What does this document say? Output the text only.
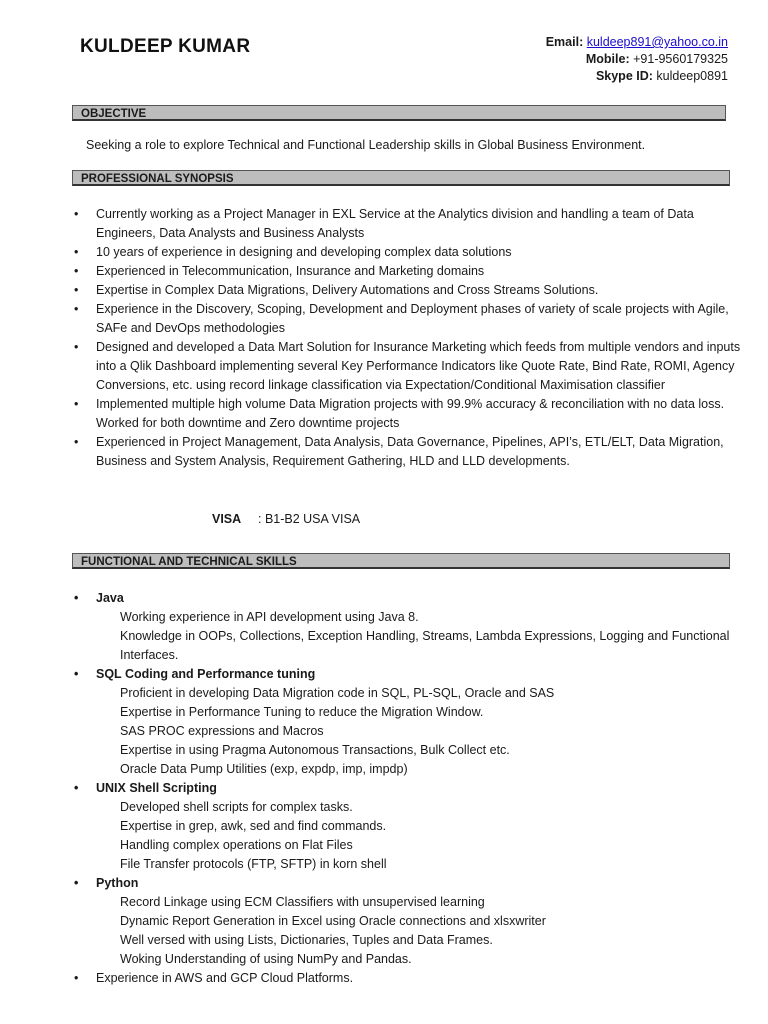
KULDEEP KUMAR	Email: kuldeep891@yahoo.co.in
Mobile: +91-9560179325
Skype ID: kuldeep0891
OBJECTIVE
Seeking a role to explore Technical and Functional Leadership skills in Global Business Environment.
PROFESSIONAL SYNOPSIS
• Currently working as a Project Manager in EXL Service at the Analytics division and handling a team of Data Engineers, Data Analysts and Business Analysts
• 10 years of experience in designing and developing complex data solutions
• Experienced in Telecommunication, Insurance and Marketing domains
• Expertise in Complex Data Migrations, Delivery Automations and Cross Streams Solutions.
• Experience in the Discovery, Scoping, Development and Deployment phases of variety of scale projects with Agile, SAFe and DevOps methodologies
• Designed and developed a Data Mart Solution for Insurance Marketing which feeds from multiple vendors and inputs into a Qlik Dashboard implementing several Key Performance Indicators like Quote Rate, Bind Rate, ROMI, Agency Conversions, etc. using record linkage classification via Expectation/Conditional Maximisation classifier
• Implemented multiple high volume Data Migration projects with 99.9% accuracy & reconciliation with no data loss. Worked for both downtime and Zero downtime projects
• Experienced in Project Management, Data Analysis, Data Governance, Pipelines, API’s, ETL/ELT, Data Migration, Business and System Analysis, Requirement Gathering, HLD and LLD developments.
VISA : B1-B2 USA VISA
FUNCTIONAL AND TECHNICAL SKILLS
• Java
Working experience in API development using Java 8.
Knowledge in OOPs, Collections, Exception Handling, Streams, Lambda Expressions, Logging and Functional Interfaces.
• SQL Coding and Performance tuning
Proficient in developing Data Migration code in SQL, PL-SQL, Oracle and SAS
Expertise in Performance Tuning to reduce the Migration Window.
SAS PROC expressions and Macros
Expertise in using Pragma Autonomous Transactions, Bulk Collect etc.
Oracle Data Pump Utilities (exp, expdp, imp, impdp)
• UNIX Shell Scripting
Developed shell scripts for complex tasks.
Expertise in grep, awk, sed and find commands.
Handling complex operations on Flat Files
File Transfer protocols (FTP, SFTP) in korn shell
• Python
Record Linkage using ECM Classifiers with unsupervised learning
Dynamic Report Generation in Excel using Oracle connections and xlsxwriter
Well versed with using Lists, Dictionaries, Tuples and Data Frames.
Woking Understanding of using NumPy and Pandas.
• Experience in AWS and GCP Cloud Platforms.
